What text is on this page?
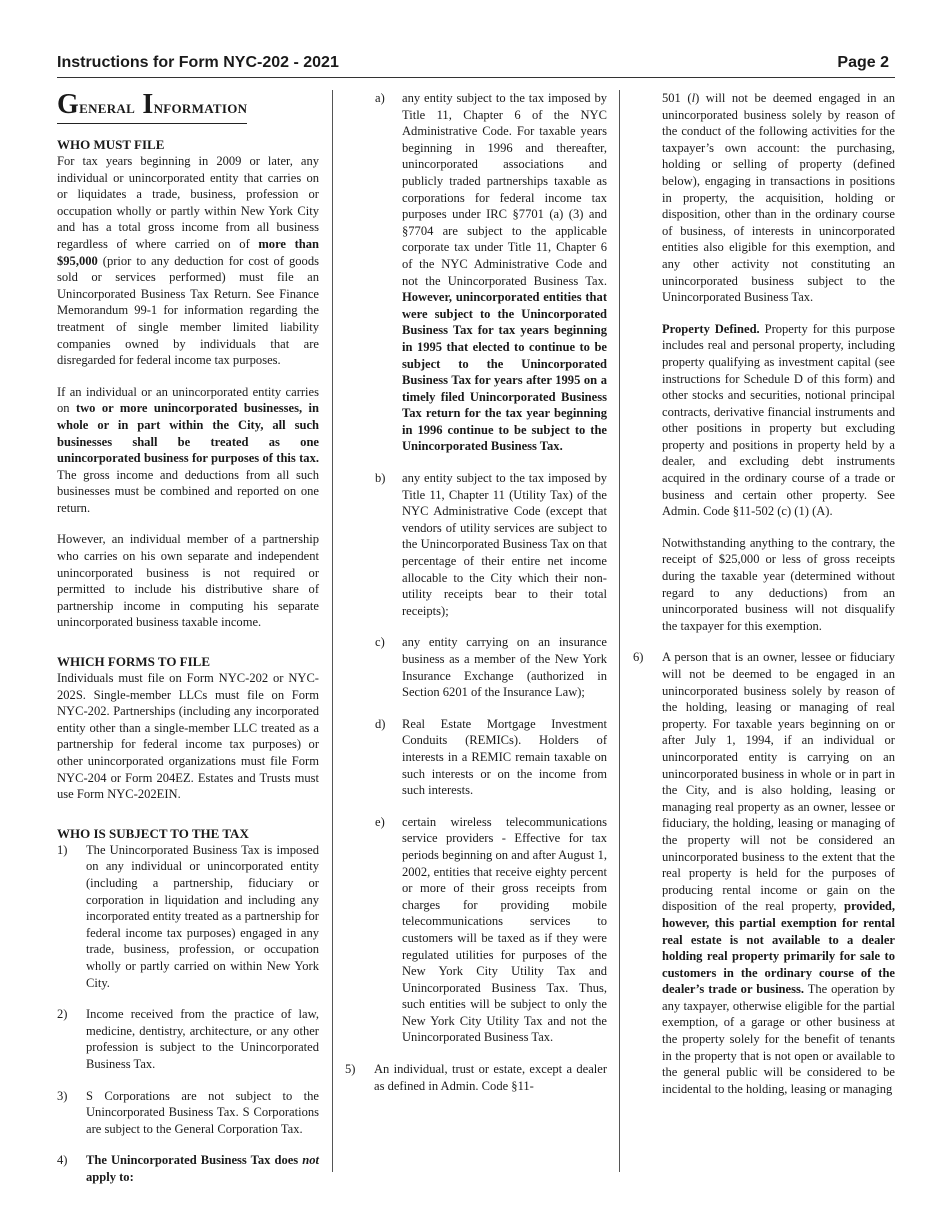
Instructions for Form NYC-202 - 2021	Page 2
General Information
WHO MUST FILE

For tax years beginning in 2009 or later, any individual or unincorporated entity that carries on or liquidates a trade, business, profession or occupation wholly or partly within New York City and has a total gross income from all business regardless of where carried on of more than $95,000 (prior to any deduction for cost of goods sold or services performed) must file an Unincorporated Business Tax Return. See Finance Memorandum 99-1 for information regarding the treatment of single member limited liability companies owned by individuals that are disregarded for federal income tax purposes.

If an individual or an unincorporated entity carries on two or more unincorporated businesses, in whole or in part within the City, all such businesses shall be treated as one unincorporated business for purposes of this tax. The gross income and deductions from all such businesses must be combined and reported on one return.

However, an individual member of a partnership who carries on his own separate and independent unincorporated business is not required or permitted to include his distributive share of partnership income in computing his separate unincorporated business taxable income.

WHICH FORMS TO FILE

Individuals must file on Form NYC-202 or NYC-202S. Single-member LLCs must file on Form NYC-202. Partnerships (including any incorporated entity other than a single-member LLC treated as a partnership for federal income tax purposes) or other unincorporated organizations must file Form NYC-204 or Form 204EZ. Estates and Trusts must use Form NYC-202EIN.

WHO IS SUBJECT TO THE TAX
1) The Unincorporated Business Tax is imposed on any individual or unincorporated entity (including a partnership, fiduciary or corporation in liquidation and including any incorporated entity treated as a partnership for federal income tax purposes) engaged in any trade, business, profession, or occupation wholly or partly carried on within New York City.
2) Income received from the practice of law, medicine, dentistry, architecture, or any other profession is subject to the Unincorporated Business Tax.
3) S Corporations are not subject to the Unincorporated Business Tax. S Corporations are subject to the General Corporation Tax.
4) The Unincorporated Business Tax does not apply to:
a)	any entity subject to the tax imposed by Title 11, Chapter 6 of the NYC Administrative Code. For taxable years beginning in 1996 and thereafter, unincorporated associations and publicly traded partnerships taxable as corporations for federal income tax purposes under IRC §7701 (a) (3) and §7704 are subject to the applicable corporate tax under Title 11, Chapter 6 of the NYC Administrative Code and not the Unincorporated Business Tax. However, unincorporated entities that were subject to the Unincorporated Business Tax for tax years beginning in 1995 that elected to continue to be subject to the Unincorporated Business Tax for years after 1995 on a timely filed Unincorporated Business Tax return for the tax year beginning in 1996 continue to be subject to the Unincorporated Business Tax.
b)	any entity subject to the tax imposed by Title 11, Chapter 11 (Utility Tax) of the NYC Administrative Code (except that vendors of utility services are subject to the Unincorporated Business Tax on that percentage of their entire net income allocable to the City which their non-utility receipts bear to their total receipts);
c)	any entity carrying on an insurance business as a member of the New York Insurance Exchange (authorized in Section 6201 of the Insurance Law);
d)	Real Estate Mortgage Investment Conduits (REMICs). Holders of interests in a REMIC remain taxable on such interests or on the income from such interests.
e)	certain wireless telecommunications service providers - Effective for tax periods beginning on and after August 1, 2002, entities that receive eighty percent or more of their gross receipts from charges for providing mobile telecommunications services to customers will be taxed as if they were regulated utilities for purposes of the New York City Utility Tax and Unincorporated Business Tax. Thus, such entities will be subject to only the New York City Utility Tax and not the Unincorporated Business Tax.
5) An individual, trust or estate, except a dealer as defined in Admin. Code §11-

501 (l) will not be deemed engaged in an unincorporated business solely by reason of the conduct of the following activities for the taxpayer’s own account: the purchasing, holding or selling of property (defined below), engaging in transactions in positions in property, the acquisition, holding or disposition, other than in the ordinary course of business, of interests in unincorporated entities also eligible for this exemption, and any other activity not constituting an unincorporated business subject to the Unincorporated Business Tax.

Property Defined. Property for this purpose includes real and personal property, including property qualifying as investment capital (see instructions for Schedule D of this form) and other stocks and securities, notional principal contracts, derivative financial instruments and other positions in property but excluding property and positions in property held by a dealer, and excluding debt instruments acquired in the ordinary course of a trade or business and certain other property. See Admin. Code §11-502 (c) (1) (A).

Notwithstanding anything to the contrary, the receipt of $25,000 or less of gross receipts during the taxable year (determined without regard to any deductions) from an unincorporated business will not disqualify the taxpayer for this exemption.

6) A person that is an owner, lessee or fiduciary will not be deemed to be engaged in an unincorporated business solely by reason of the holding, leasing or managing of real property. For taxable years beginning on or after July 1, 1994, if an individual or unincorporated entity is carrying on an unincorporated business in whole or in part in the City, and is also holding, leasing or managing real property as an owner, lessee or fiduciary, the holding, leasing or managing of the property will not be considered an unincorporated business to the extent that the real property is held for the purposes of producing rental income or gain on the disposition of the real property, provided, however, this partial exemption for rental real estate is not available to a dealer holding real property primarily for sale to customers in the ordinary course of the dealer’s trade or business. The operation by any taxpayer, otherwise eligible for the partial exemption, of a garage or other business at the property solely for the benefit of tenants in the property that is not open or available to the general public will be considered to be incidental to the holding, leasing or managing
